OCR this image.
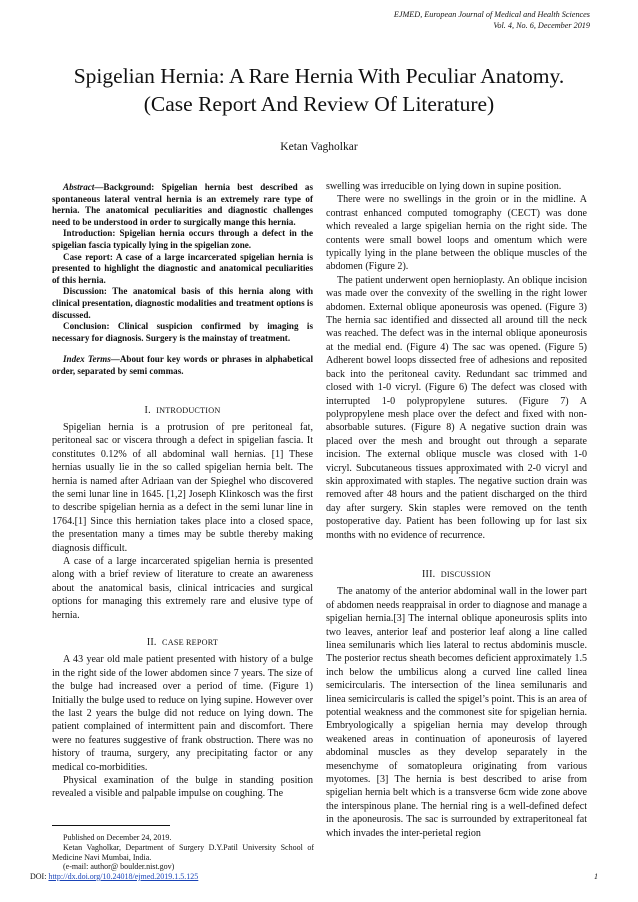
EJMED, European Journal of Medical and Health Sciences
Vol. 4, No. 6, December 2019
Spigelian Hernia: A Rare Hernia With Peculiar Anatomy.
(Case Report And Review Of Literature)
Ketan Vagholkar

Abstract—Background: Spigelian hernia best described as spontaneous lateral ventral hernia is an extremely rare type of hernia. The anatomical peculiarities and diagnostic challenges need to be understood in order to surgically mange this hernia.

Introduction: Spigelian hernia occurs through a defect in the spigelian fascia typically lying in the spigelian zone.

Case report: A case of a large incarcerated spigelian hernia is presented to highlight the diagnostic and anatomical peculiarities of this hernia.

Discussion: The anatomical basis of this hernia along with clinical presentation, diagnostic modalities and treatment options is discussed.

Conclusion: Clinical suspicion confirmed by imaging is necessary for diagnosis. Surgery is the mainstay of treatment.

Index Terms—About four key words or phrases in alphabetical order, separated by semi commas.

I. INTRODUCTION

Spigelian hernia is a protrusion of pre peritoneal fat, peritoneal sac or viscera through a defect in spigelian fascia. It constitutes 0.12% of all abdominal wall hernias. [1] These hernias usually lie in the so called spigelian hernia belt. The hernia is named after Adriaan van der Spieghel who discovered the semi lunar line in 1645. [1,2] Joseph Klinkosch was the first to describe spigelian hernia as a defect in the semi lunar line in 1764.[1] Since this herniation takes place into a closed space, the presentation many a times may be subtle thereby making diagnosis difficult.

A case of a large incarcerated spigelian hernia is presented along with a brief review of literature to create an awareness about the anatomical basis, clinical intricacies and surgical options for managing this extremely rare and elusive type of hernia.

II. CASE REPORT

A 43 year old male patient presented with history of a bulge in the right side of the lower abdomen since 7 years. The size of the bulge had increased over a period of time. (Figure 1) Initially the bulge used to reduce on lying supine. However over the last 2 years the bulge did not reduce on lying down. The patient complained of intermittent pain and discomfort. There were no features suggestive of frank obstruction. There was no history of trauma, surgery, any precipitating factor or any medical co-morbidities.

Physical examination of the bulge in standing position revealed a visible and palpable impulse on coughing. The

swelling was irreducible on lying down in supine position.

There were no swellings in the groin or in the midline. A contrast enhanced computed tomography (CECT) was done which revealed a large spigelian hernia on the right side. The contents were small bowel loops and omentum which were typically lying in the plane between the oblique muscles of the abdomen (Figure 2).

The patient underwent open hernioplasty. An oblique incision was made over the convexity of the swelling in the right lower abdomen. External oblique aponeurosis was opened. (Figure 3) The hernia sac identified and dissected all around till the neck was reached. The defect was in the internal oblique aponeurosis at the medial end. (Figure 4) The sac was opened. (Figure 5) Adherent bowel loops dissected free of adhesions and reposited back into the peritoneal cavity. Redundant sac trimmed and closed with 1-0 vicryl. (Figure 6) The defect was closed with interrupted 1-0 polypropylene sutures. (Figure 7) A polypropylene mesh place over the defect and fixed with non-absorbable sutures. (Figure 8) A negative suction drain was placed over the mesh and brought out through a separate incision. The external oblique muscle was closed with 1-0 vicryl. Subcutaneous tissues approximated with 2-0 vicryl and skin approximated with staples. The negative suction drain was removed after 48 hours and the patient discharged on the third day after surgery. Skin staples were removed on the tenth postoperative day. Patient has been following up for last six months with no evidence of recurrence.

III. DISCUSSION

The anatomy of the anterior abdominal wall in the lower part of abdomen needs reappraisal in order to diagnose and manage a spigelian hernia.[3] The internal oblique aponeurosis splits into two leaves, anterior leaf and posterior leaf along a line called linea semilunaris which lies lateral to rectus abdominis muscle. The posterior rectus sheath becomes deficient approximately 1.5 inch below the umbilicus along a curved line called linea semicircularis. The intersection of the linea semilunaris and linea semicircularis is called the spigel’s point. This is an area of potential weakness and the commonest site for spigelian hernia. Embryologically a spigelian hernia may develop through weakened areas in continuation of aponeurosis of layered abdominal muscles as they develop separately in the mesenchyme of somatopleura originating from various myotomes. [3] The hernia is best described to arise from spigelian hernia belt which is a transverse 6cm wide zone above the interspinous plane. The hernial ring is a well-defined defect in the aponeurosis. The sac is surrounded by extraperitoneal fat which invades the inter-perietal region

Published on December 24, 2019.
Ketan Vagholkar, Department of Surgery D.Y.Patil University School of Medicine Navi Mumbai, India.
(e-mail: author@ boulder.nist.gov)
DOI: http://dx.doi.org/10.24018/ejmed.2019.1.5.125	1
